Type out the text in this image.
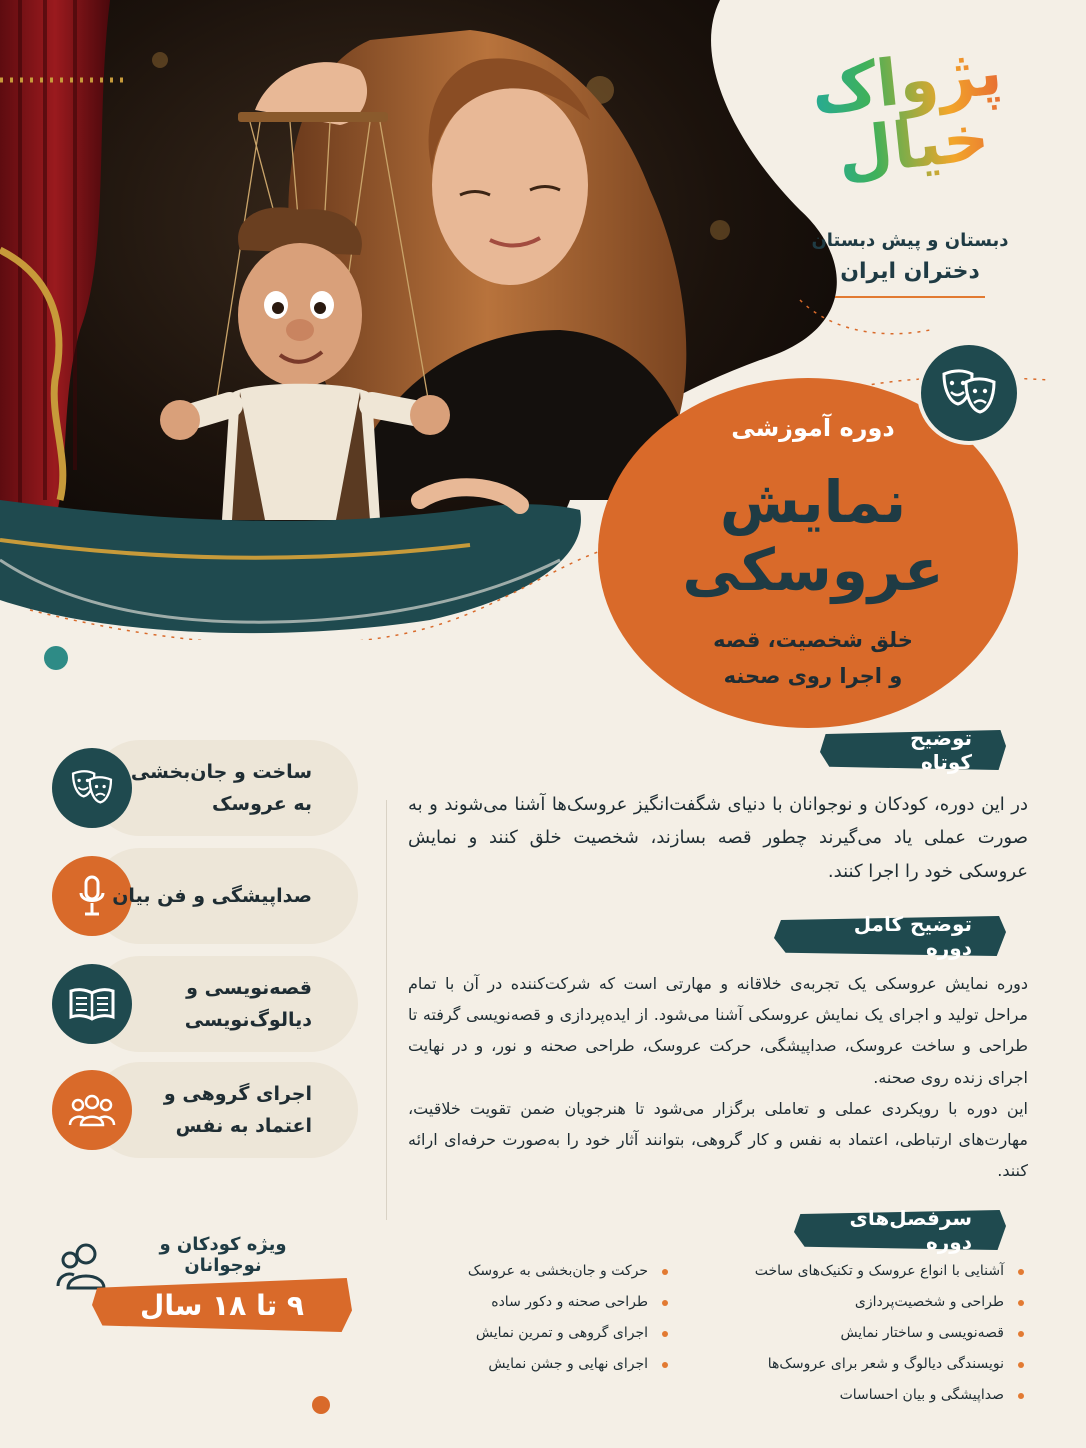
پژواک خیال
دبستان و پیش دبستان
دختران ایران
دوره آموزشی
نمایش عروسکی
خلق شخصیت، قصه
و اجرا روی صحنه
توضیح کوتاه
در این دوره، کودکان و نوجوانان با دنیای شگفت‌انگیز عروسک‌ها آشنا می‌شوند و به صورت عملی یاد می‌گیرند چطور قصه بسازند، شخصیت خلق کنند و نمایش عروسکی خود را اجرا کنند.
توضیح کامل دوره
دوره نمایش عروسکی یک تجربه‌ی خلاقانه و مهارتی است که شرکت‌کننده در آن با تمام مراحل تولید و اجرای یک نمایش عروسکی آشنا می‌شود. از ایده‌پردازی و قصه‌نویسی گرفته تا طراحی و ساخت عروسک، صداپیشگی، حرکت عروسک، طراحی صحنه و نور، و در نهایت اجرای زنده روی صحنه.
این دوره با رویکردی عملی و تعاملی برگزار می‌شود تا هنرجویان ضمن تقویت خلاقیت، مهارت‌های ارتباطی، اعتماد به نفس و کار گروهی، بتوانند آثار خود را به‌صورت حرفه‌ای ارائه کنند.
سرفصل‌های دوره
آشنایی با انواع عروسک و تکنیک‌های ساخت
طراحی و شخصیت‌پردازی
قصه‌نویسی و ساختار نمایش
نویسندگی دیالوگ و شعر برای عروسک‌ها
صداپیشگی و بیان احساسات
حرکت و جان‌بخشی به عروسک
طراحی صحنه و دکور ساده
اجرای گروهی و تمرین نمایش
اجرای نهایی و جشن نمایش
ساخت و جان‌بخشی
به عروسک
صداپیشگی و فن بیان
قصه‌نویسی و
دیالوگ‌نویسی
اجرای گروهی و
اعتماد به نفس
ویژه کودکان و نوجوانان
۹ تا ۱۸ سال
